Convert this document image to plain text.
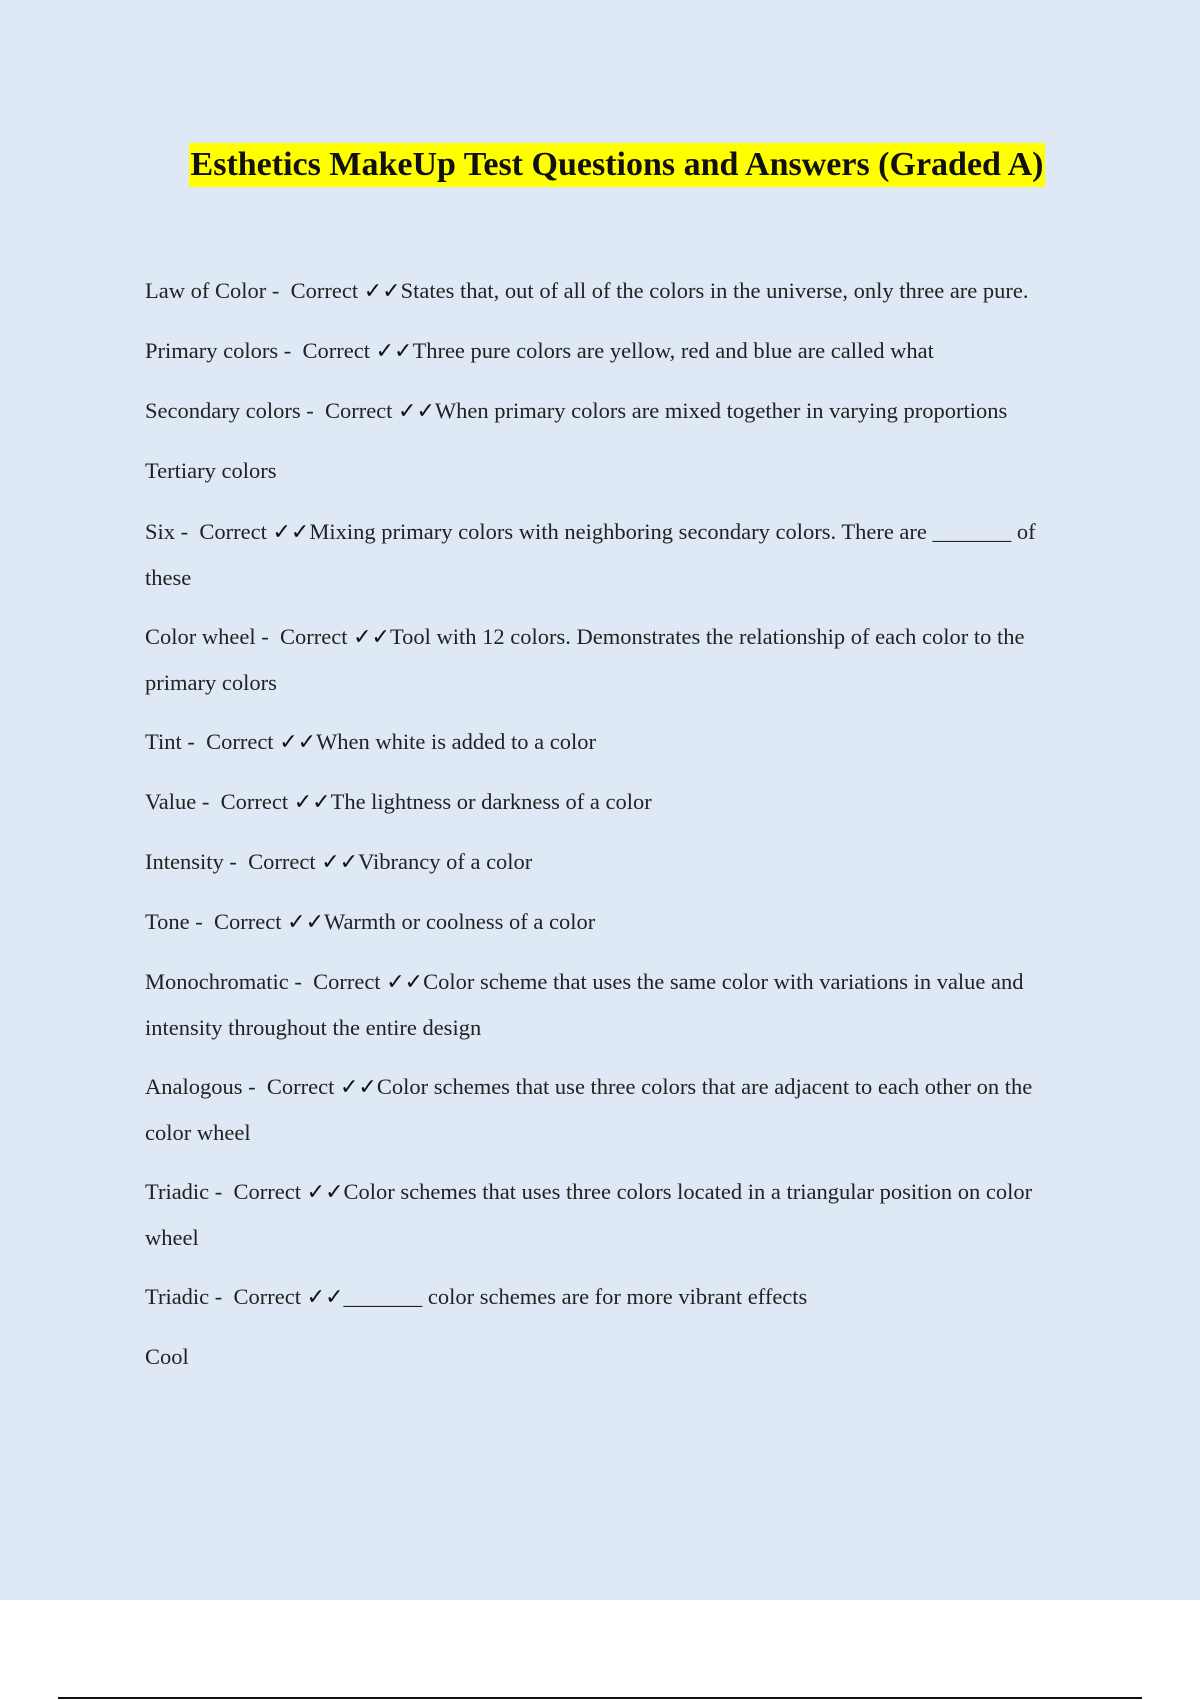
Esthetics MakeUp Test Questions and Answers (Graded A)
Law of Color -  Correct ✓✓States that, out of all of the colors in the universe, only three are pure.
Primary colors -  Correct ✓✓Three pure colors are yellow, red and blue are called what
Secondary colors -  Correct ✓✓When primary colors are mixed together in varying proportions
Tertiary colors
Six -  Correct ✓✓Mixing primary colors with neighboring secondary colors. There are _______ of these
Color wheel -  Correct ✓✓Tool with 12 colors. Demonstrates the relationship of each color to the primary colors
Tint -  Correct ✓✓When white is added to a color
Value -  Correct ✓✓The lightness or darkness of a color
Intensity -  Correct ✓✓Vibrancy of a color
Tone -  Correct ✓✓Warmth or coolness of a color
Monochromatic -  Correct ✓✓Color scheme that uses the same color with variations in value and intensity throughout the entire design
Analogous -  Correct ✓✓Color schemes that use three colors that are adjacent to each other on the color wheel
Triadic -  Correct ✓✓Color schemes that uses three colors located in a triangular position on color wheel
Triadic -  Correct ✓✓_______ color schemes are for more vibrant effects
Cool
